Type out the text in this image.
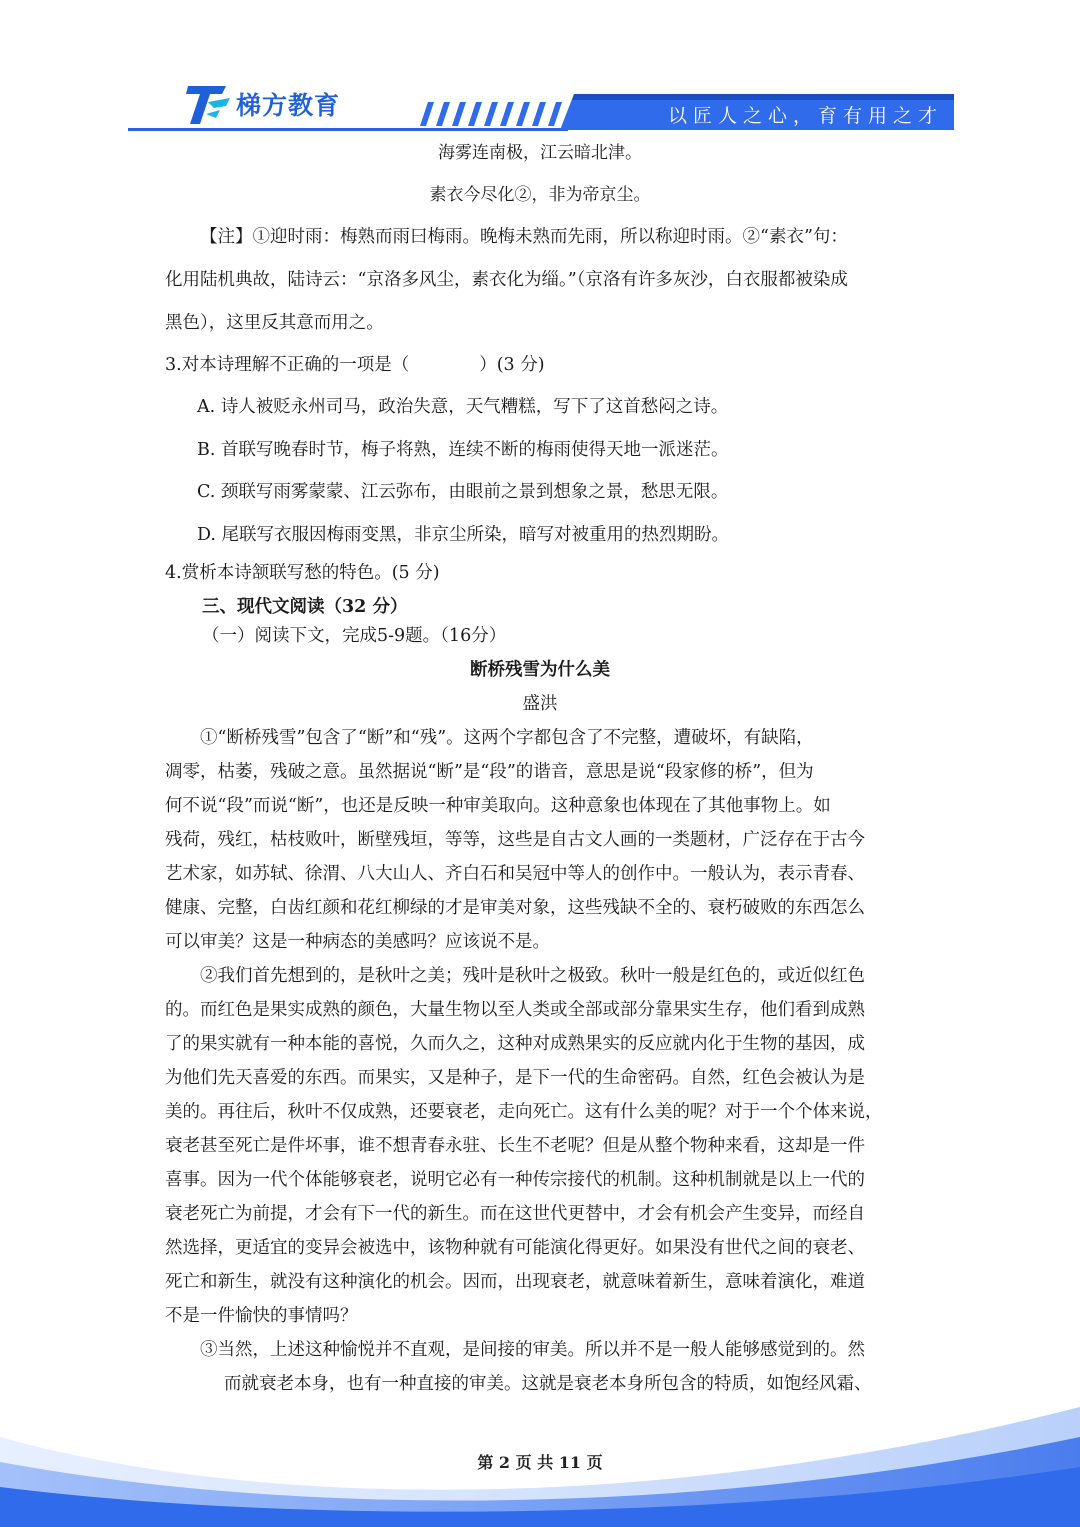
梯方教育	以匠人之心，育有用之才
海雾连南极，江云暗北津。
素衣今尽化②，非为帝京尘。
【注】①迎时雨：梅熟而雨曰梅雨。晚梅未熟而先雨，所以称迎时雨。②“素衣”句：
化用陆机典故，陆诗云：“京洛多风尘，素衣化为缁。”（京洛有许多灰沙，白衣服都被染成
黑色），这里反其意而用之。
3.对本诗理解不正确的一项是（　　　　）(3 分)
A. 诗人被贬永州司马，政治失意，天气糟糕，写下了这首愁闷之诗。
B. 首联写晚春时节，梅子将熟，连续不断的梅雨使得天地一派迷茫。
C. 颈联写雨雾蒙蒙、江云弥布，由眼前之景到想象之景，愁思无限。
D. 尾联写衣服因梅雨变黑，非京尘所染，暗写对被重用的热烈期盼。
4.赏析本诗颔联写愁的特色。(5 分)
三、现代文阅读（32 分）
（一）阅读下文，完成5-9题。（16分）
断桥残雪为什么美
盛洪
①“断桥残雪”包含了“断”和“残”。这两个字都包含了不完整，遭破坏，有缺陷，
凋零，枯萎，残破之意。虽然据说“断”是“段”的谐音，意思是说“段家修的桥”，但为
何不说“段”而说“断”，也还是反映一种审美取向。这种意象也体现在了其他事物上。如
残荷，残红，枯枝败叶，断壁残垣，等等，这些是自古文人画的一类题材，广泛存在于古今
艺术家，如苏轼、徐渭、八大山人、齐白石和吴冠中等人的创作中。一般认为，表示青春、
健康、完整，白齿红颜和花红柳绿的才是审美对象，这些残缺不全的、衰朽破败的东西怎么
可以审美？这是一种病态的美感吗？应该说不是。
②我们首先想到的，是秋叶之美；残叶是秋叶之极致。秋叶一般是红色的，或近似红色
的。而红色是果实成熟的颜色，大量生物以至人类或全部或部分靠果实生存，他们看到成熟
了的果实就有一种本能的喜悦，久而久之，这种对成熟果实的反应就内化于生物的基因，成
为他们先天喜爱的东西。而果实，又是种子，是下一代的生命密码。自然，红色会被认为是
美的。再往后，秋叶不仅成熟，还要衰老，走向死亡。这有什么美的呢？对于一个个体来说，
衰老甚至死亡是件坏事，谁不想青春永驻、长生不老呢？但是从整个物种来看，这却是一件
喜事。因为一代个体能够衰老，说明它必有一种传宗接代的机制。这种机制就是以上一代的
衰老死亡为前提，才会有下一代的新生。而在这世代更替中，才会有机会产生变异，而经自
然选择，更适宜的变异会被选中，该物种就有可能演化得更好。如果没有世代之间的衰老、
死亡和新生，就没有这种演化的机会。因而，出现衰老，就意味着新生，意味着演化，难道
不是一件愉快的事情吗？
③当然，上述这种愉悦并不直观，是间接的审美。所以并不是一般人能够感觉到的。然
而就衰老本身，也有一种直接的审美。这就是衰老本身所包含的特质，如饱经风霜、
第 2 页 共 11 页
